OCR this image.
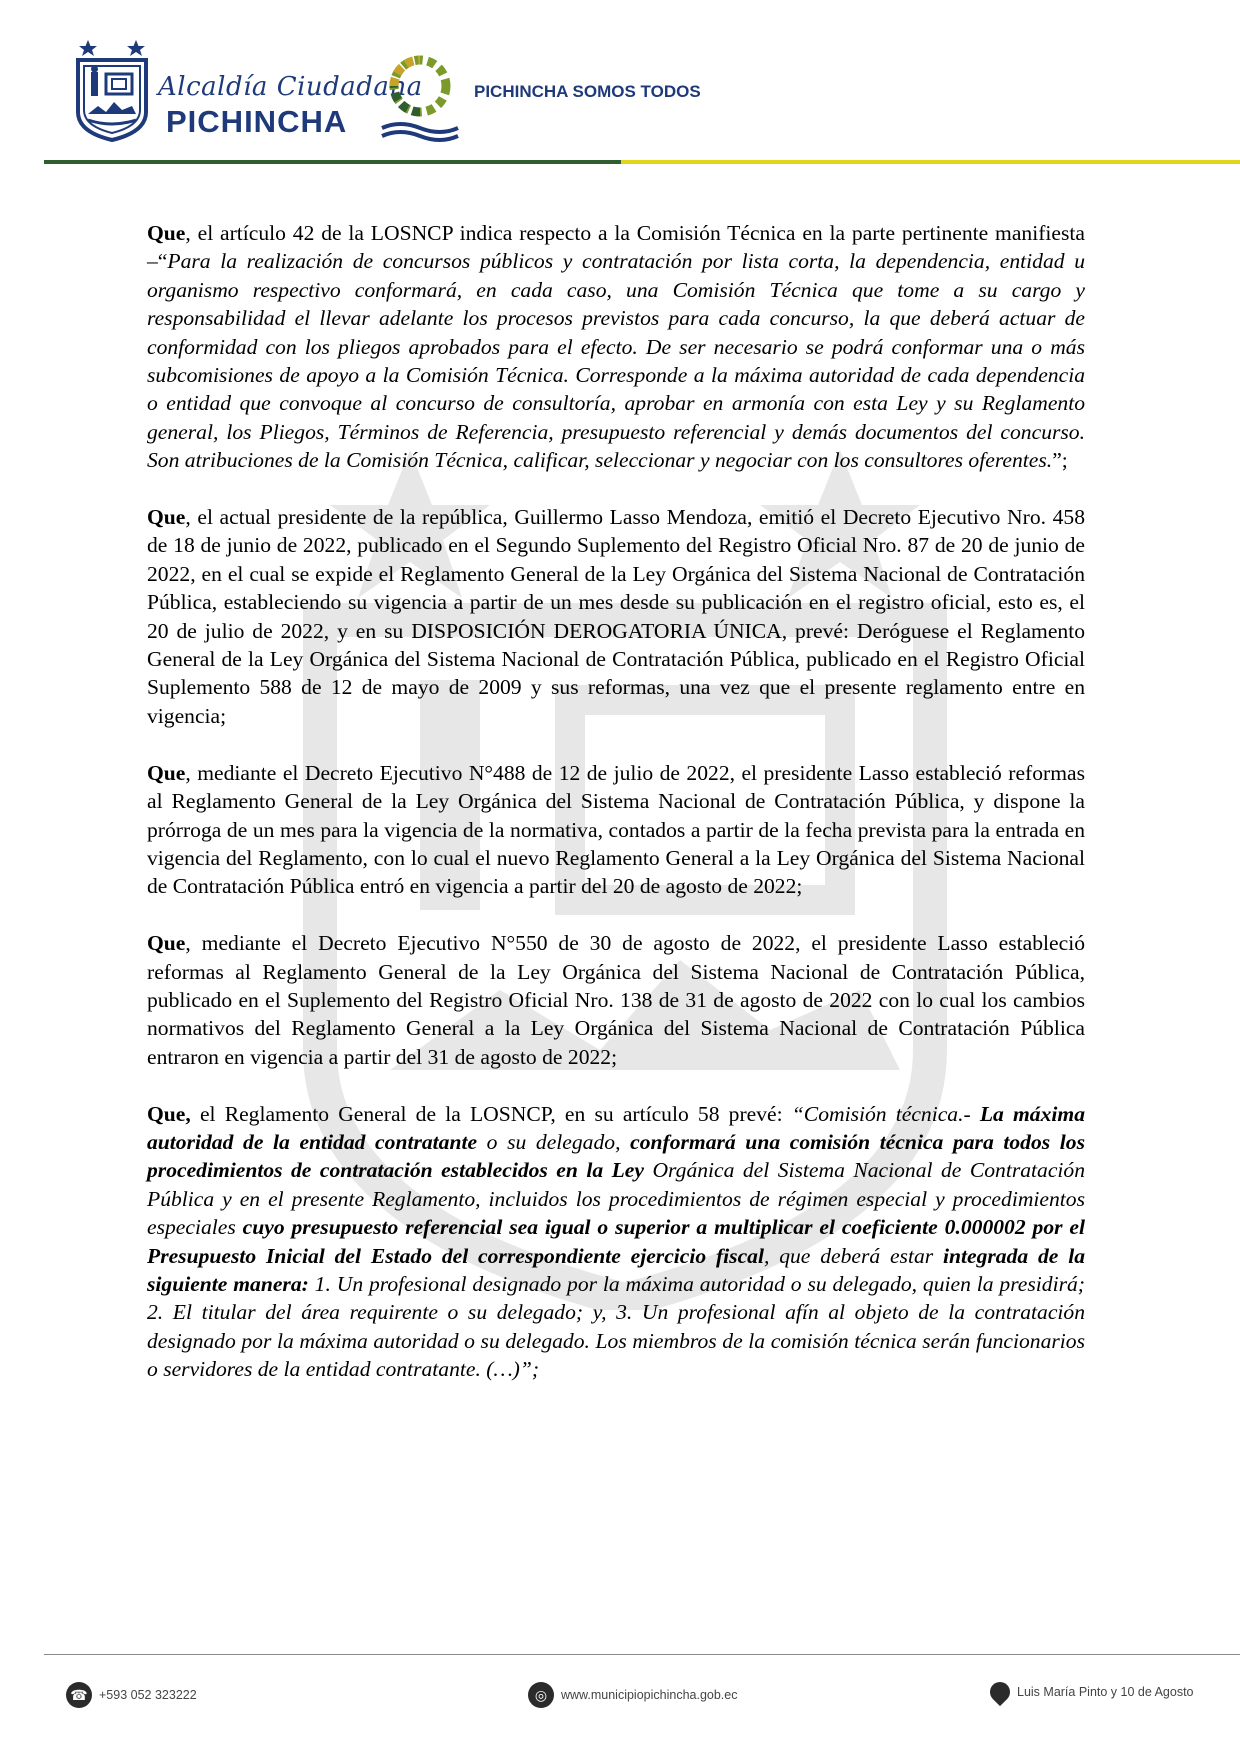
Alcaldía Ciudadana
PICHINCHA
PICHINCHA SOMOS TODOS

Que, el artículo 42 de la LOSNCP indica respecto a la Comisión Técnica en la parte pertinente manifiesta –“Para la realización de concursos públicos y contratación por lista corta, la dependencia, entidad u organismo respectivo conformará, en cada caso, una Comisión Técnica que tome a su cargo y responsabilidad el llevar adelante los procesos previstos para cada concurso, la que deberá actuar de conformidad con los pliegos aprobados para el efecto. De ser necesario se podrá conformar una o más subcomisiones de apoyo a la Comisión Técnica. Corresponde a la máxima autoridad de cada dependencia o entidad que convoque al concurso de consultoría, aprobar en armonía con esta Ley y su Reglamento general, los Pliegos, Términos de Referencia, presupuesto referencial y demás documentos del concurso. Son atribuciones de la Comisión Técnica, calificar, seleccionar y negociar con los consultores oferentes.”;

Que, el actual presidente de la república, Guillermo Lasso Mendoza, emitió el Decreto Ejecutivo Nro. 458 de 18 de junio de 2022, publicado en el Segundo Suplemento del Registro Oficial Nro. 87 de 20 de junio de 2022, en el cual se expide el Reglamento General de la Ley Orgánica del Sistema Nacional de Contratación Pública, estableciendo su vigencia a partir de un mes desde su publicación en el registro oficial, esto es, el 20 de julio de 2022, y en su DISPOSICIÓN DEROGATORIA ÚNICA, prevé: Deróguese el Reglamento General de la Ley Orgánica del Sistema Nacional de Contratación Pública, publicado en el Registro Oficial Suplemento 588 de 12 de mayo de 2009 y sus reformas, una vez que el presente reglamento entre en vigencia;

Que, mediante el Decreto Ejecutivo N°488 de 12 de julio de 2022, el presidente Lasso estableció reformas al Reglamento General de la Ley Orgánica del Sistema Nacional de Contratación Pública, y dispone la prórroga de un mes para la vigencia de la normativa, contados a partir de la fecha prevista para la entrada en vigencia del Reglamento, con lo cual el nuevo Reglamento General a la Ley Orgánica del Sistema Nacional de Contratación Pública entró en vigencia a partir del 20 de agosto de 2022;

Que, mediante el Decreto Ejecutivo N°550 de 30 de agosto de 2022, el presidente Lasso estableció reformas al Reglamento General de la Ley Orgánica del Sistema Nacional de Contratación Pública, publicado en el Suplemento del Registro Oficial Nro. 138 de 31 de agosto de 2022 con lo cual los cambios normativos del Reglamento General a la Ley Orgánica del Sistema Nacional de Contratación Pública entraron en vigencia a partir del 31 de agosto de 2022;

Que, el Reglamento General de la LOSNCP, en su artículo 58 prevé: “Comisión técnica.- La máxima autoridad de la entidad contratante o su delegado, conformará una comisión técnica para todos los procedimientos de contratación establecidos en la Ley Orgánica del Sistema Nacional de Contratación Pública y en el presente Reglamento, incluidos los procedimientos de régimen especial y procedimientos especiales cuyo presupuesto referencial sea igual o superior a multiplicar el coeficiente 0.000002 por el Presupuesto Inicial del Estado del correspondiente ejercicio fiscal, que deberá estar integrada de la siguiente manera: 1. Un profesional designado por la máxima autoridad o su delegado, quien la presidirá; 2. El titular del área requirente o su delegado; y, 3. Un profesional afín al objeto de la contratación designado por la máxima autoridad o su delegado. Los miembros de la comisión técnica serán funcionarios o servidores de la entidad contratante. (…)”;

☎ +593 052 323222	◎	www.municipiopichincha.gob.ec	Luis María Pinto y 10 de Agosto
